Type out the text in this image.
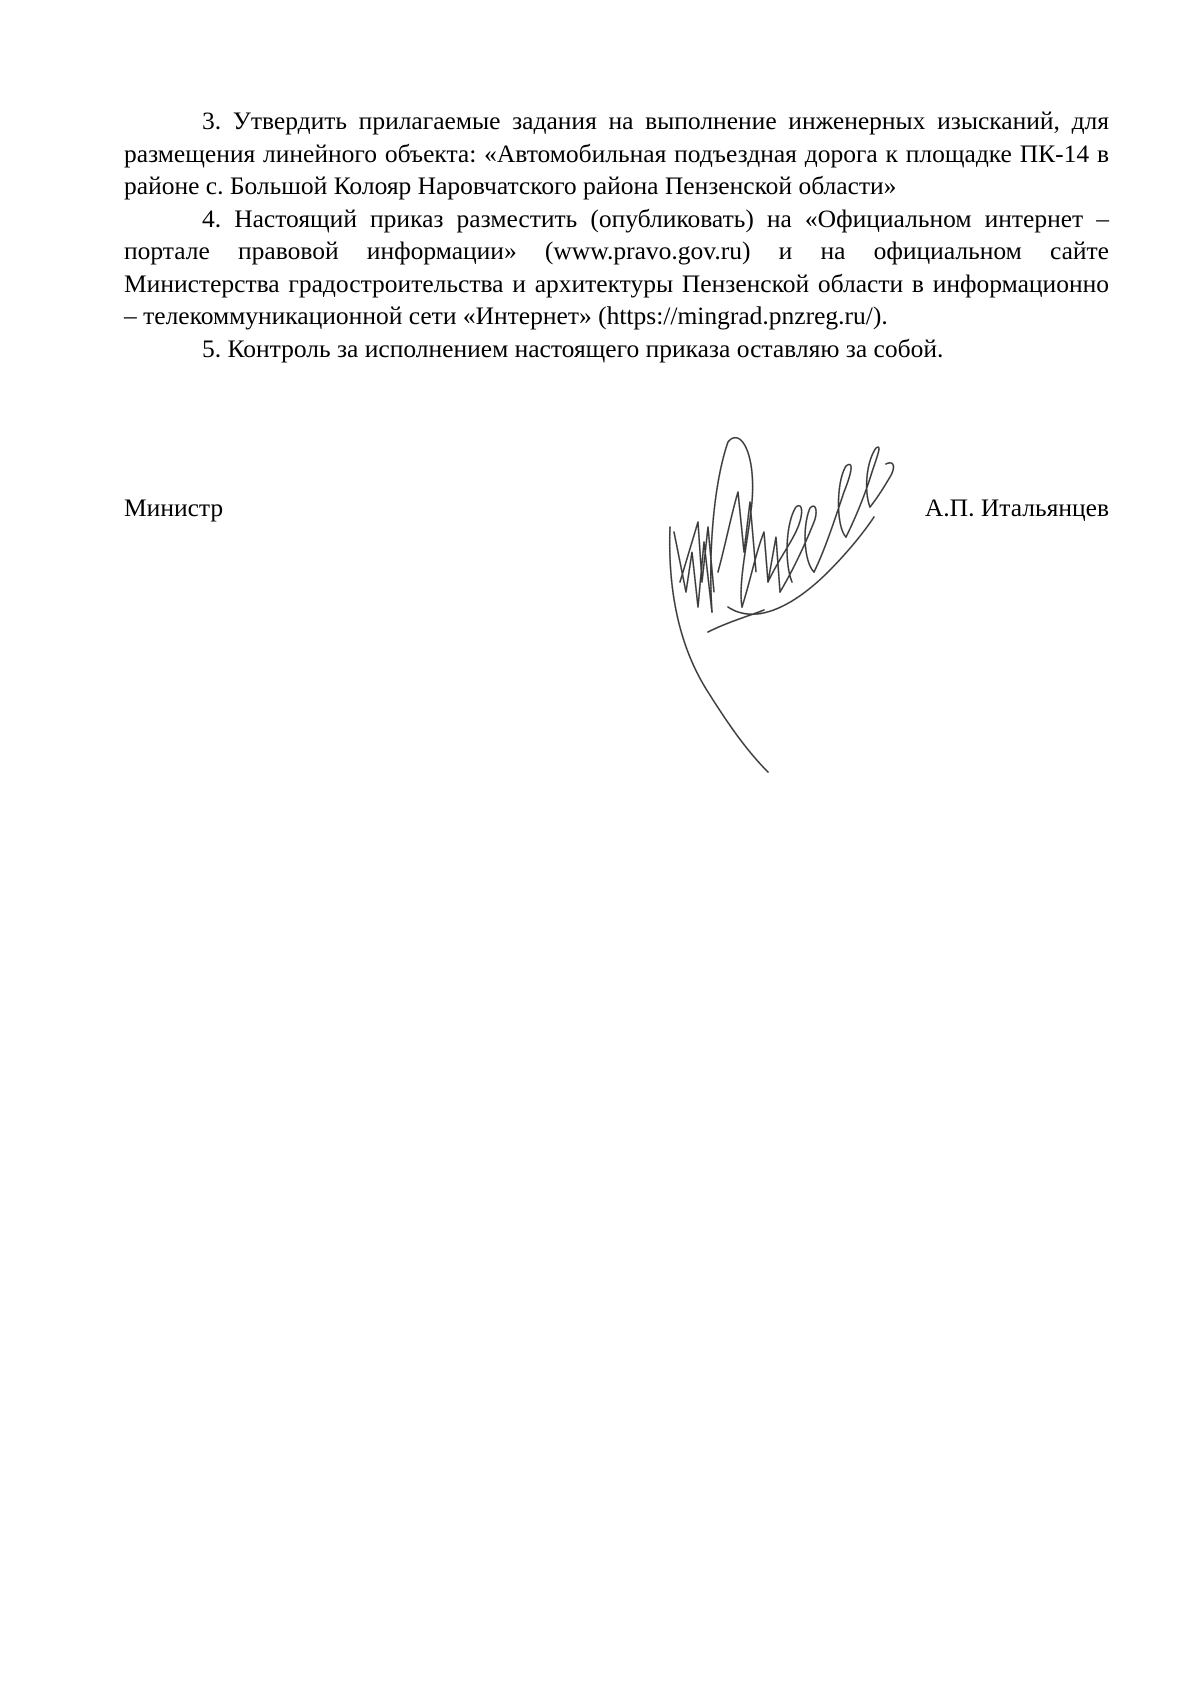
3. Утвердить прилагаемые задания на выполнение инженерных изысканий, для размещения линейного объекта: «Автомобильная подъездная дорога к площадке ПК-14 в районе с. Большой Колояр Наровчатского района Пензенской области»

4. Настоящий приказ разместить (опубликовать) на «Официальном интернет – портале правовой информации» (www.pravo.gov.ru) и на официальном сайте Министерства градостроительства и архитектуры Пензенской области в информационно – телекоммуникационной сети «Интернет» (https://mingrad.pnzreg.ru/).

5. Контроль за исполнением настоящего приказа оставляю за собой.

Министр	А.П. Итальянцев
